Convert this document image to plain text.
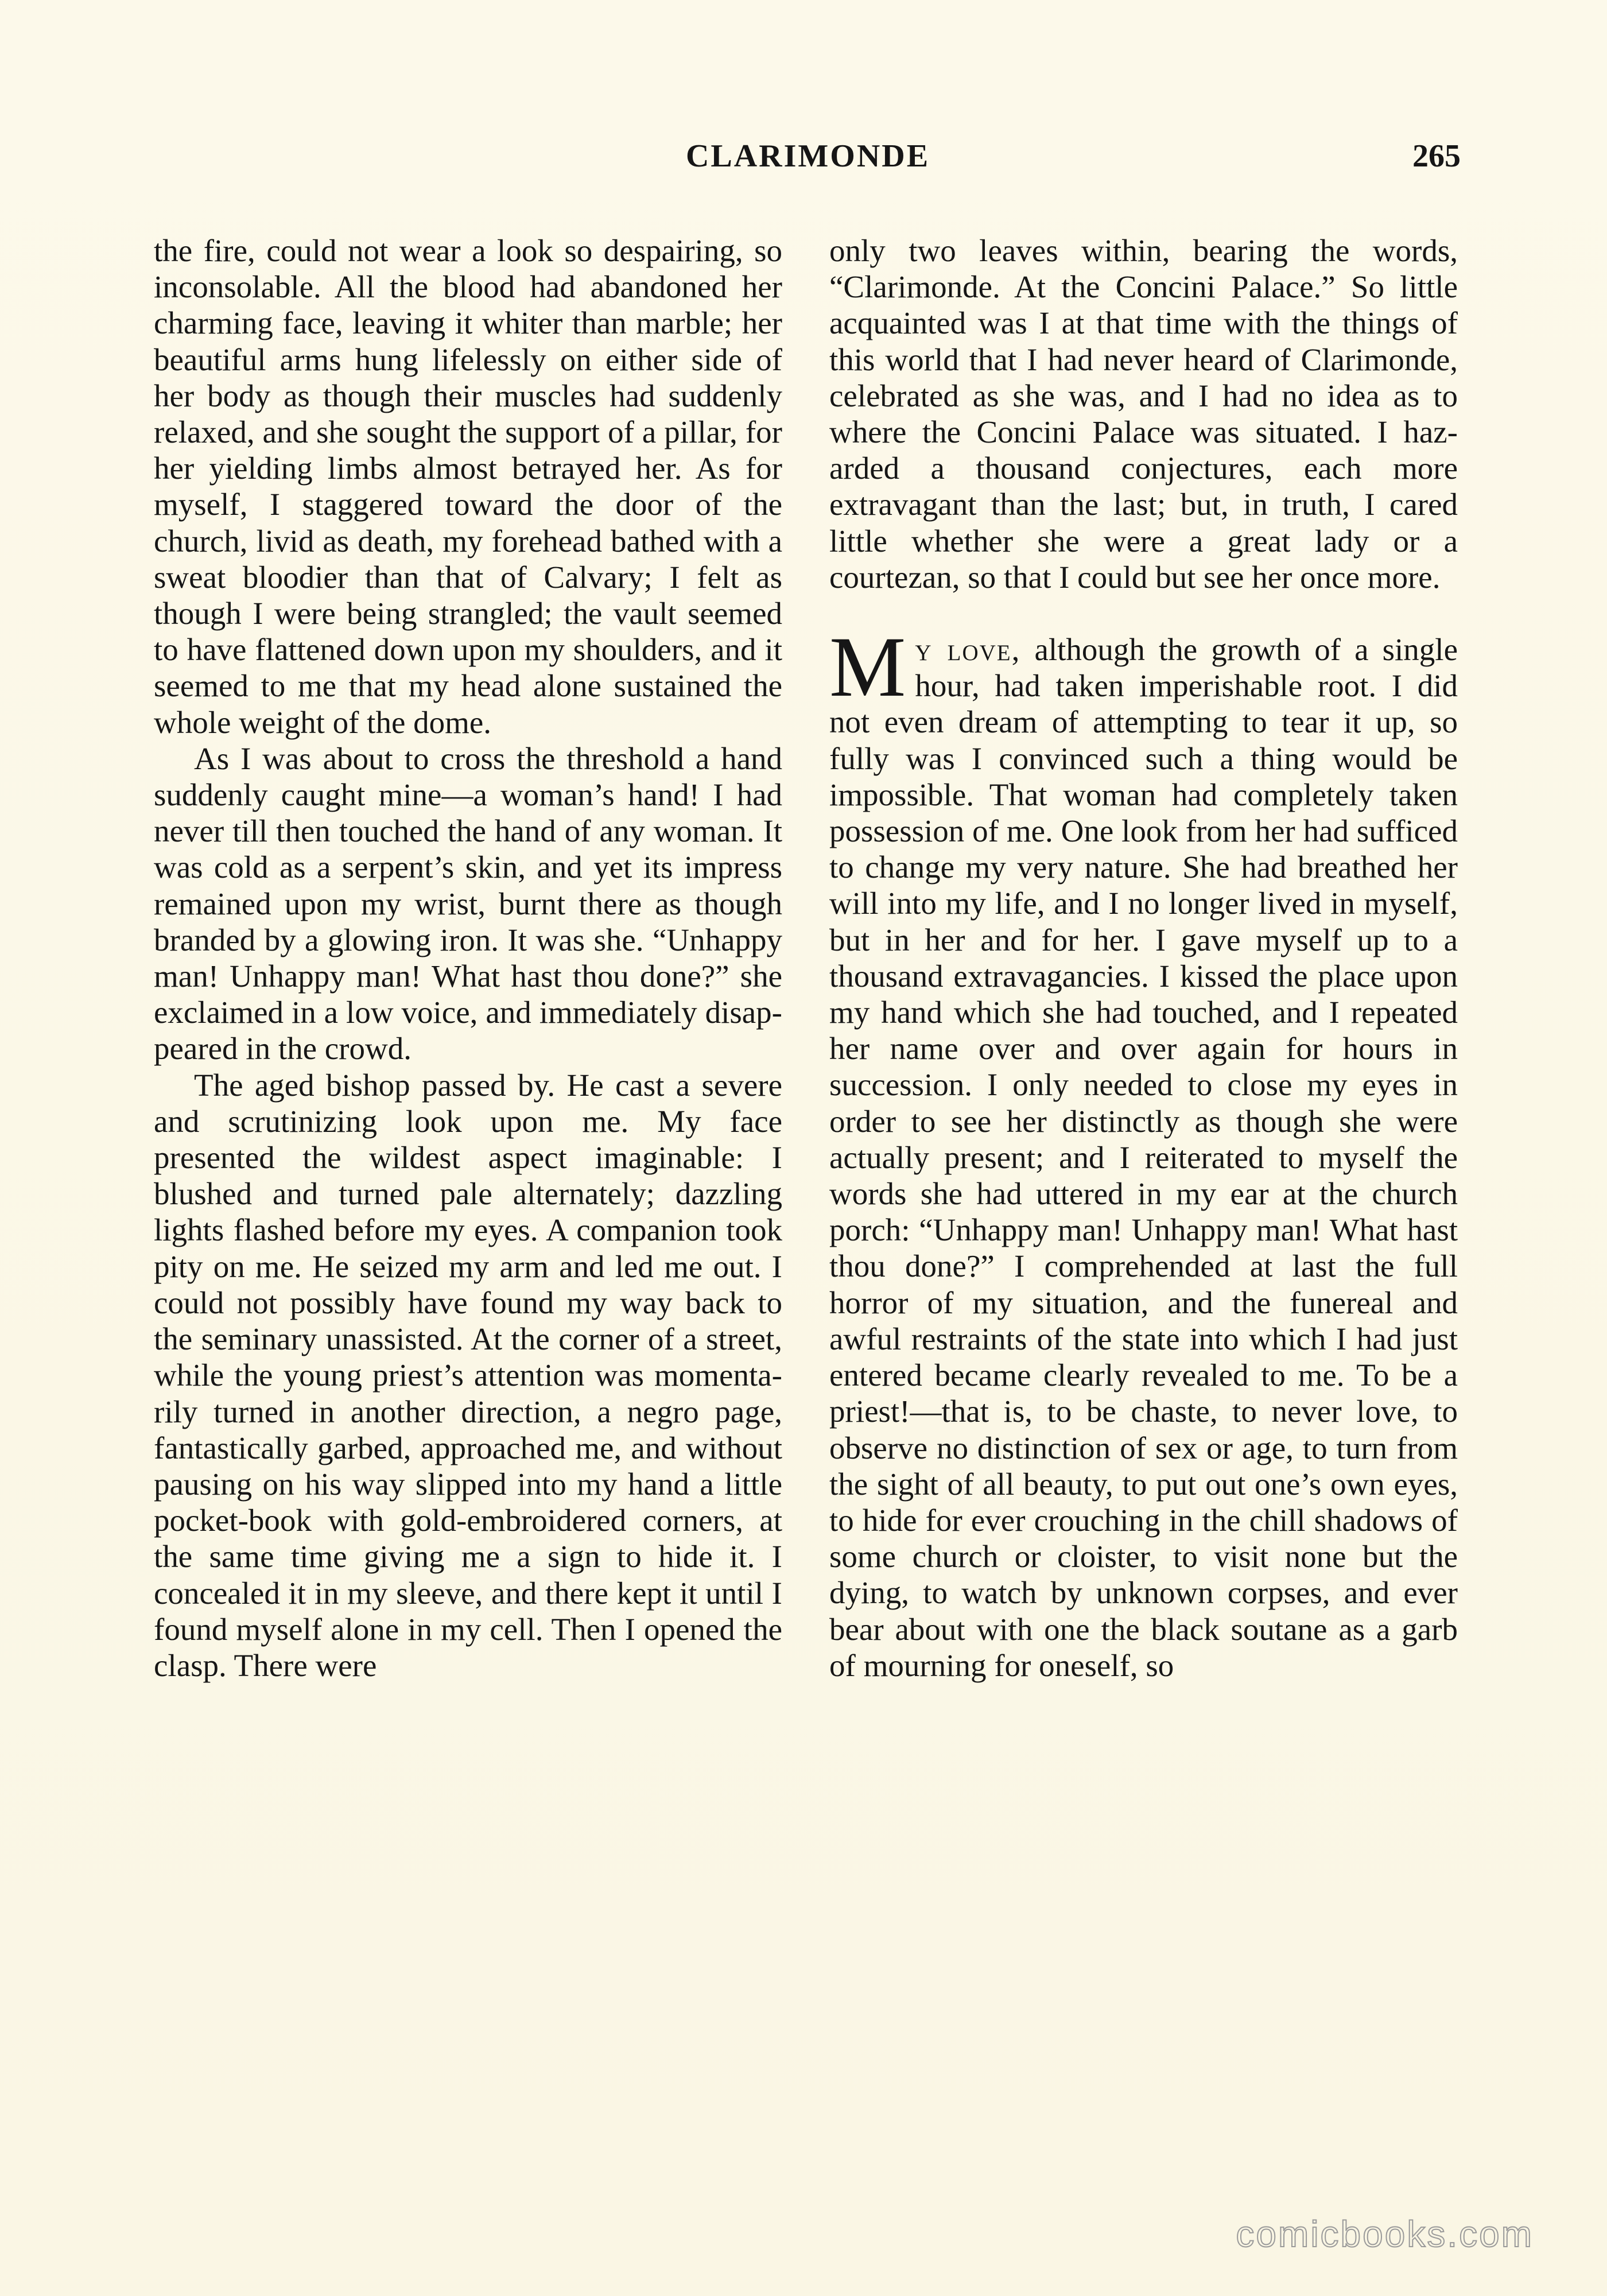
CLARIMONDE	265

the fire, could not wear a look so despairing, so inconsolable. All the blood had abandoned her charming face, leaving it whiter than marble; her beautiful arms hung lifelessly on either side of her body as though their muscles had suddenly relaxed, and she sought the support of a pillar, for her yielding limbs almost betrayed her. As for myself, I staggered toward the door of the church, livid as death, my forehead bathed with a sweat bloodier than that of Calvary; I felt as though I were being strangled; the vault seemed to have flattened down upon my shoulders, and it seemed to me that my head alone sustained the whole weight of the dome.

As I was about to cross the threshold a hand suddenly caught mine—a woman’s hand! I had never till then touched the hand of any woman. It was cold as a serpent’s skin, and yet its impress remained upon my wrist, burnt there as though branded by a glowing iron. It was she. “Unhappy man! Unhappy man! What hast thou done?” she exclaimed in a low voice, and immediately disappeared in the crowd.

The aged bishop passed by. He cast a severe and scrutinizing look upon me. My face presented the wildest aspect imaginable: I blushed and turned pale alternately; dazzling lights flashed before my eyes. A companion took pity on me. He seized my arm and led me out. I could not possibly have found my way back to the seminary unassisted. At the corner of a street, while the young priest’s attention was momentarily turned in another direction, a negro page, fantastically garbed, approached me, and without pausing on his way slipped into my hand a little pocket-book with gold-embroidered corners, at the same time giving me a sign to hide it. I concealed it in my sleeve, and there kept it until I found myself alone in my cell. Then I opened the clasp. There were

only two leaves within, bearing the words, “Clarimonde. At the Concini Palace.” So little acquainted was I at that time with the things of this world that I had never heard of Clarimonde, celebrated as she was, and I had no idea as to where the Concini Palace was situated. I hazarded a thousand conjectures, each more extravagant than the last; but, in truth, I cared little whether she were a great lady or a courtezan, so that I could but see her once more.

My love, although the growth of a single hour, had taken imperishable root. I did not even dream of attempting to tear it up, so fully was I convinced such a thing would be impossible. That woman had completely taken possession of me. One look from her had sufficed to change my very nature. She had breathed her will into my life, and I no longer lived in myself, but in her and for her. I gave myself up to a thousand extravagancies. I kissed the place upon my hand which she had touched, and I repeated her name over and over again for hours in succession. I only needed to close my eyes in order to see her distinctly as though she were actually present; and I reiterated to myself the words she had uttered in my ear at the church porch: “Unhappy man! Unhappy man! What hast thou done?” I comprehended at last the full horror of my situation, and the funereal and awful restraints of the state into which I had just entered became clearly revealed to me. To be a priest!—that is, to be chaste, to never love, to observe no distinction of sex or age, to turn from the sight of all beauty, to put out one’s own eyes, to hide for ever crouching in the chill shadows of some church or cloister, to visit none but the dying, to watch by unknown corpses, and ever bear about with one the black soutane as a garb of mourning for oneself, so

comicbooks.com
